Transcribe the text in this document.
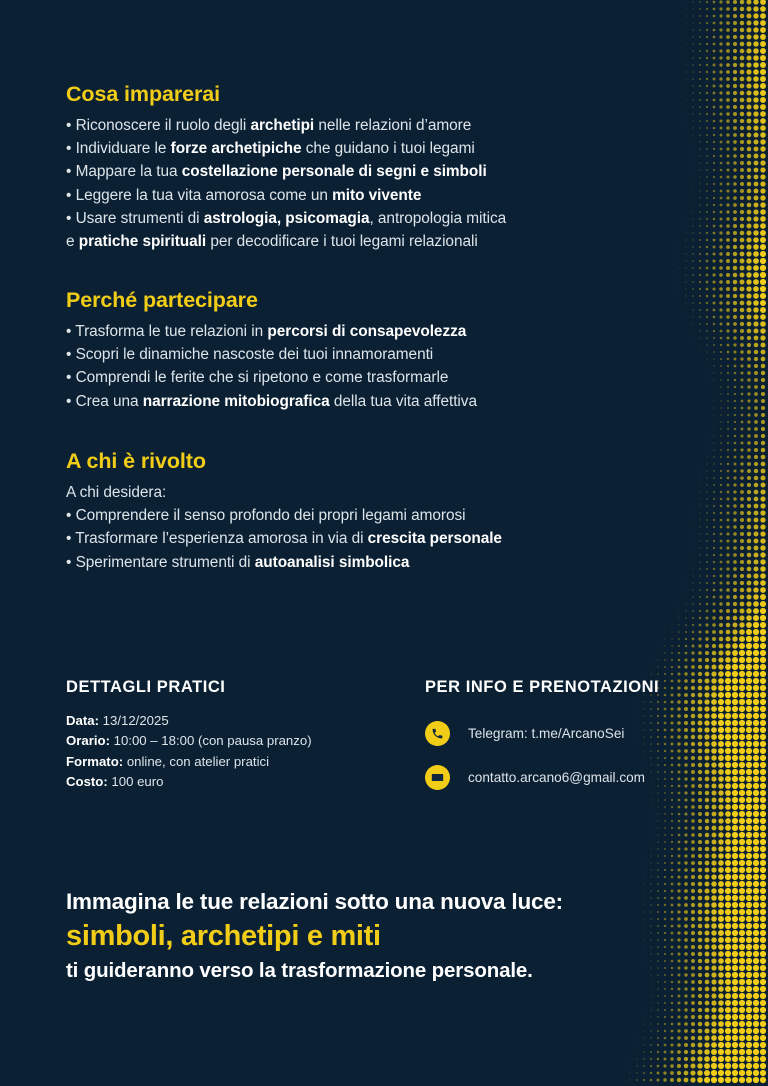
Cosa imparerai
• Riconoscere il ruolo degli archetipi nelle relazioni d’amore
• Individuare le forze archetipiche che guidano i tuoi legami
• Mappare la tua costellazione personale di segni e simboli
• Leggere la tua vita amorosa come un mito vivente
• Usare strumenti di astrologia, psicomagia, antropologia mitica
e pratiche spirituali per decodificare i tuoi legami relazionali
Perché partecipare
• Trasforma le tue relazioni in percorsi di consapevolezza
• Scopri le dinamiche nascoste dei tuoi innamoramenti
• Comprendi le ferite che si ripetono e come trasformarle
• Crea una narrazione mitobiografica della tua vita affettiva
A chi è rivolto
A chi desidera:
• Comprendere il senso profondo dei propri legami amorosi
• Trasformare l’esperienza amorosa in via di crescita personale
• Sperimentare strumenti di autoanalisi simbolica
DETTAGLI PRATICI
Data: 13/12/2025
Orario: 10:00 – 18:00 (con pausa pranzo)
Formato: online, con atelier pratici
Costo: 100 euro
PER INFO E PRENOTAZIONI
Telegram: t.me/ArcanoSei
contatto.arcano6@gmail.com
Immagina le tue relazioni sotto una nuova luce:
simboli, archetipi e miti
ti guideranno verso la trasformazione personale.
